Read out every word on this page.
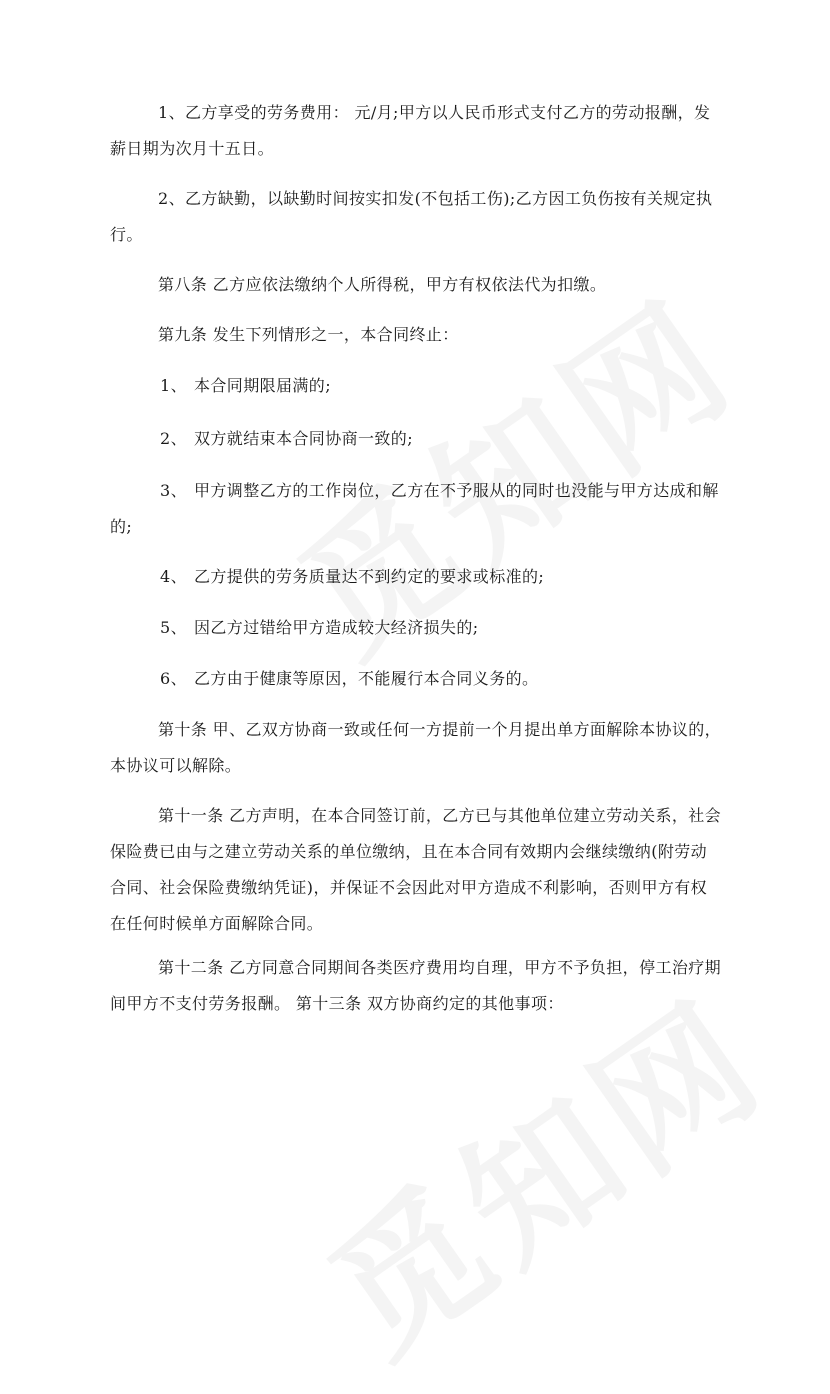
1、乙方享受的劳务费用： 元/月;甲方以人民币形式支付乙方的劳动报酬，发薪日期为次月十五日。

2、乙方缺勤，以缺勤时间按实扣发(不包括工伤);乙方因工负伤按有关规定执行。

第八条 乙方应依法缴纳个人所得税，甲方有权依法代为扣缴。

第九条 发生下列情形之一，本合同终止：

1、 本合同期限届满的;

2、 双方就结束本合同协商一致的;

3、 甲方调整乙方的工作岗位，乙方在不予服从的同时也没能与甲方达成和解的;

4、 乙方提供的劳务质量达不到约定的要求或标准的;

5、 因乙方过错给甲方造成较大经济损失的;

6、 乙方由于健康等原因，不能履行本合同义务的。

第十条 甲、乙双方协商一致或任何一方提前一个月提出单方面解除本协议的，本协议可以解除。

第十一条 乙方声明，在本合同签订前，乙方已与其他单位建立劳动关系，社会保险费已由与之建立劳动关系的单位缴纳，且在本合同有效期内会继续缴纳(附劳动合同、社会保险费缴纳凭证)，并保证不会因此对甲方造成不利影响，否则甲方有权在任何时候单方面解除合同。

第十二条 乙方同意合同期间各类医疗费用均自理，甲方不予负担，停工治疗期间甲方不支付劳务报酬。 第十三条 双方协商约定的其他事项：
